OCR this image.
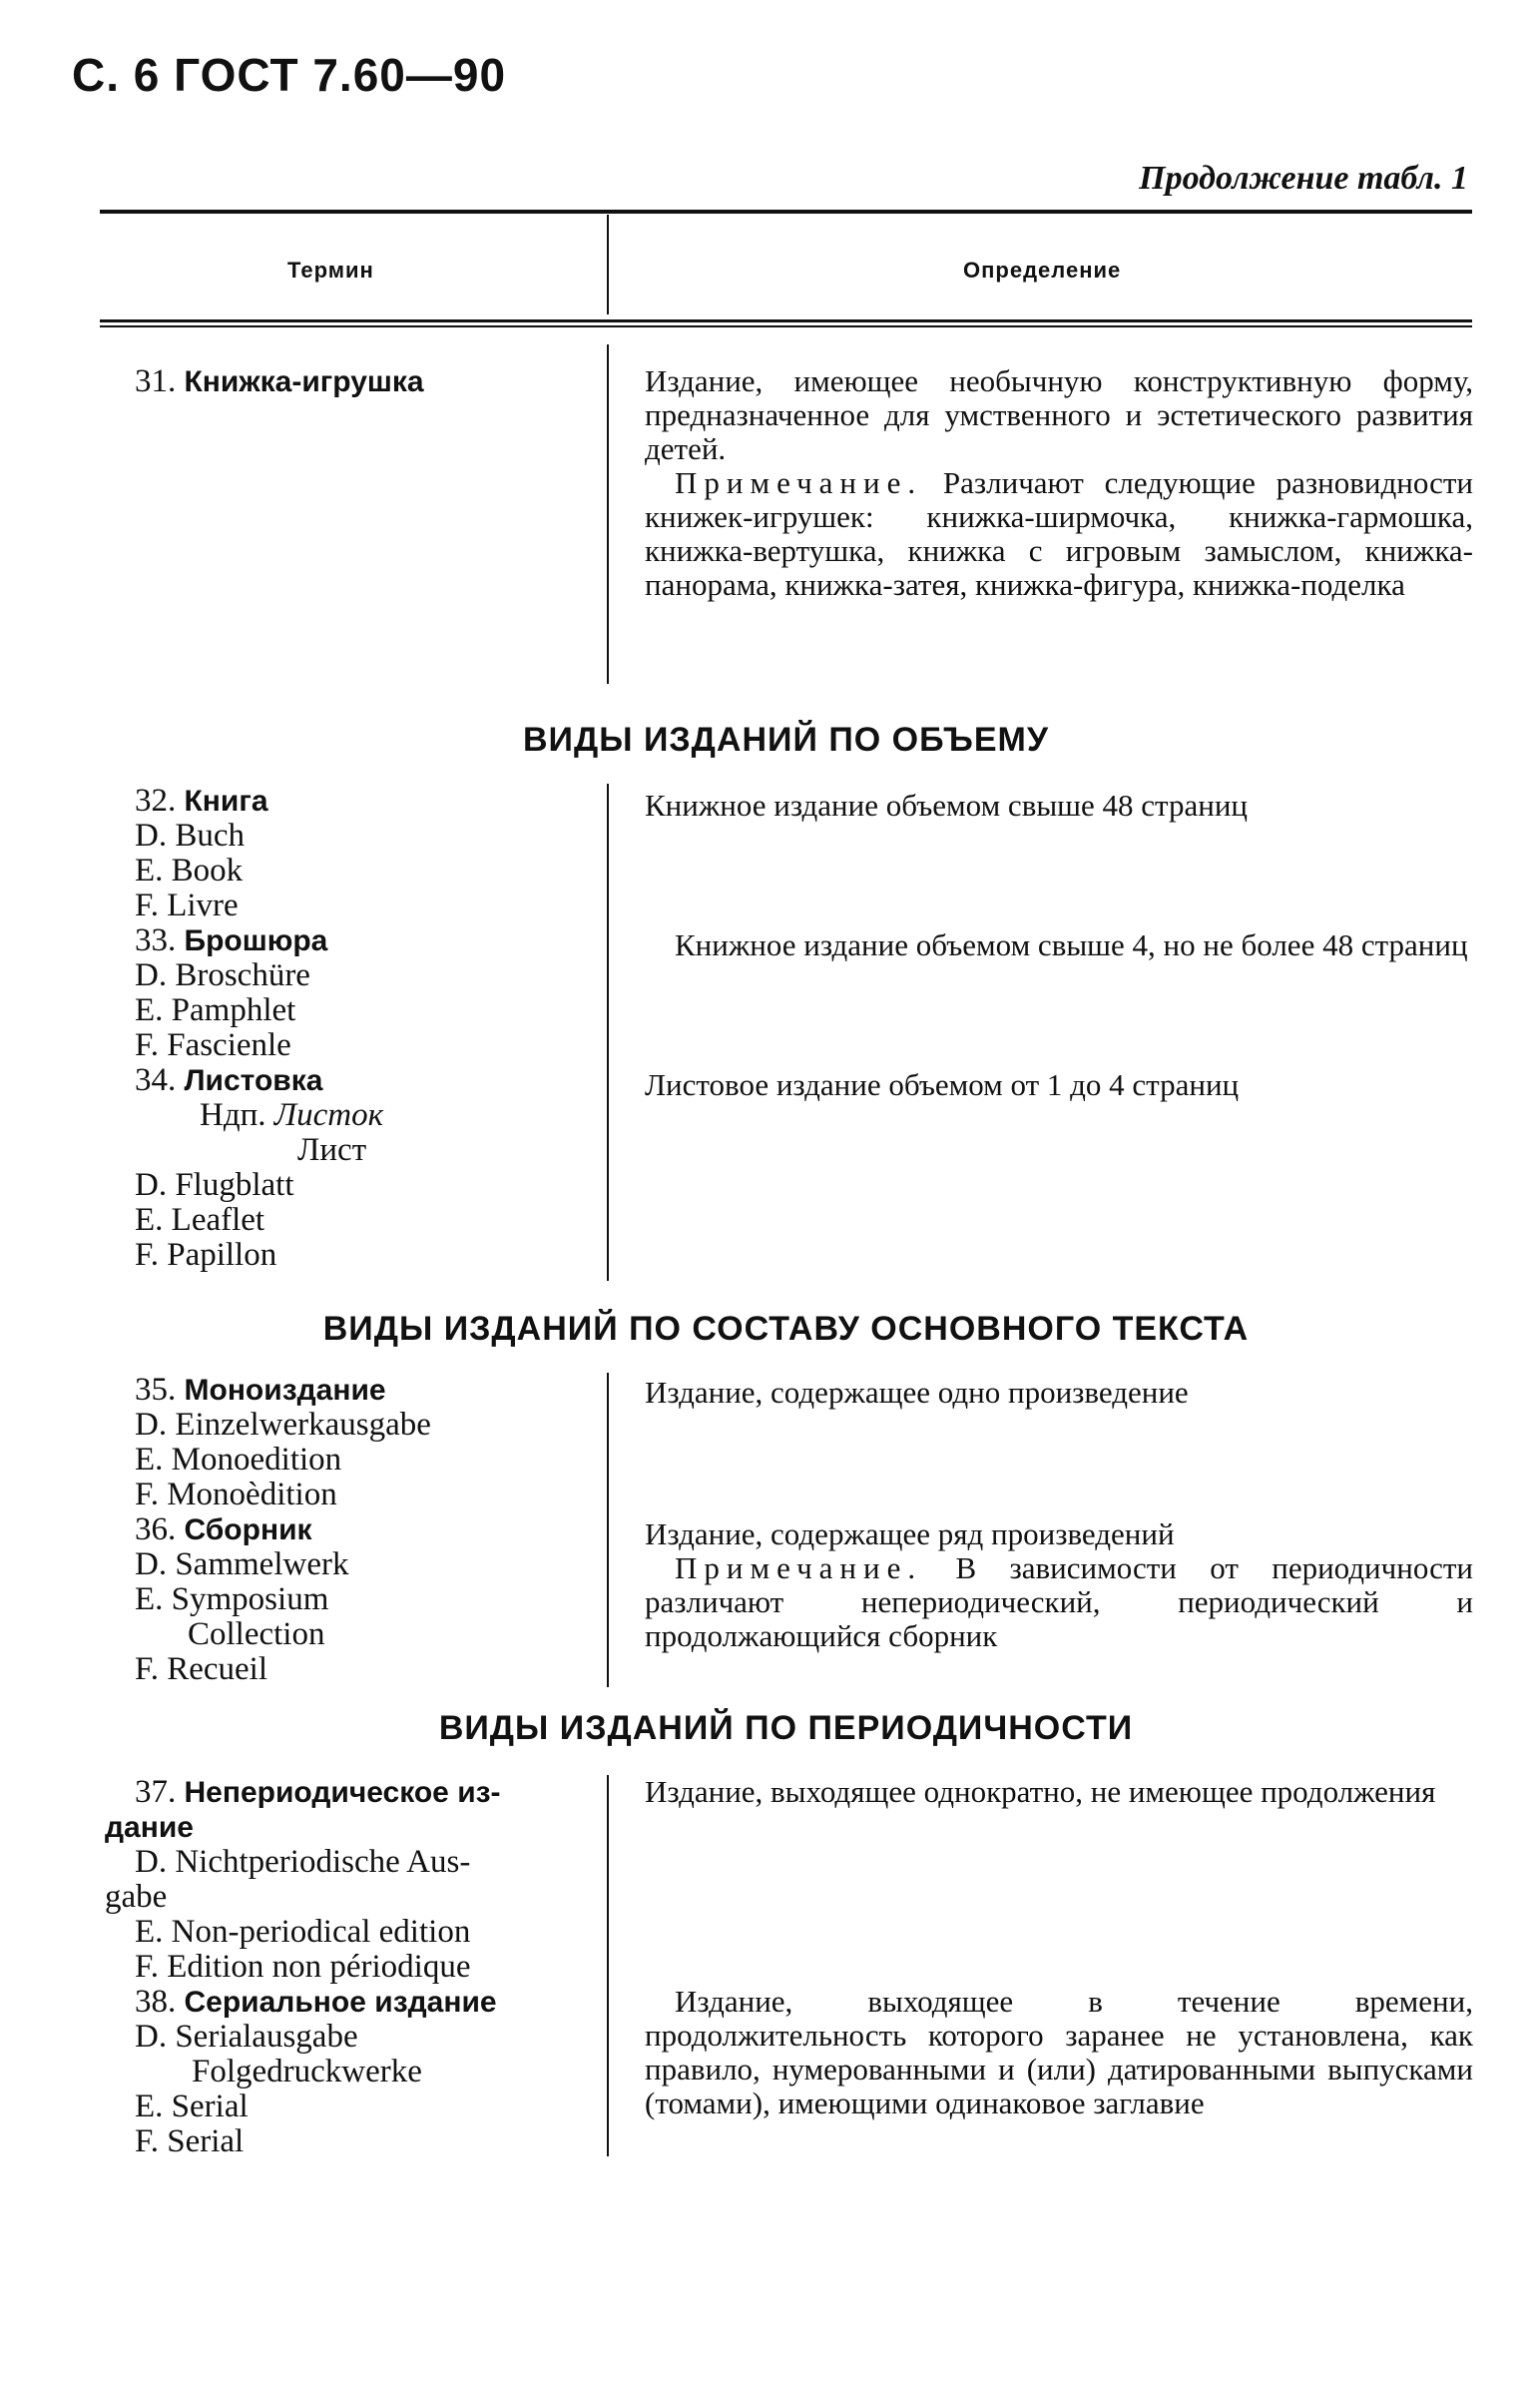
С. 6 ГОСТ 7.60—90
Продолжение табл. 1
Термин	Определение
31. Книжка-игрушка	Издание, имеющее необычную конструктивную форму, предназначенное для умственного и эстетического развития детей.
Примечание. Различают следующие разновидности книжек-игрушек: книжка-ширмочка, книжка-гармошка, книжка-вертушка, книжка с игровым замыслом, книжка-панорама, книжка-затея, книжка-фигура, книжка-поделка
ВИДЫ ИЗДАНИЙ ПО ОБЪЕМУ
32. Книга
D. Buch
E. Book
F. Livre
Книжное издание объемом свыше 48 страниц
33. Брошюра
D. Broschüre
E. Pamphlet
F. Fascienle
Книжное издание объемом свыше 4, но не более 48 страниц
34. Листовка
Ндп. Листок
Лист
D. Flugblatt
E. Leaflet
F. Papillon
Листовое издание объемом от 1 до 4 страниц
ВИДЫ ИЗДАНИЙ ПО СОСТАВУ ОСНОВНОГО ТЕКСТА
35. Моноиздание
D. Einzelwerkausgabe
E. Monoedition
F. Monoèdition
Издание, содержащее одно произведение
36. Сборник
D. Sammelwerk
E. Symposium
Collection
F. Recueil
Издание, содержащее ряд произведений
Примечание. В зависимости от периодичности различают непериодический, периодический и продолжающийся сборник
ВИДЫ ИЗДАНИЙ ПО ПЕРИОДИЧНОСТИ
37. Непериодическое из-
дание
D. Nichtperiodische Aus-
gabe
E. Non-periodical edition
F. Edition non périodique
Издание, выходящее однократно, не имеющее продолжения
38. Сериальное издание
D. Serialausgabe
Folgedruckwerke
E. Serial
F. Serial
Издание, выходящее в течение времени, продолжительность которого заранее не установлена, как правило, нумерованными и (или) датированными выпусками (томами), имеющими одинаковое заглавие
